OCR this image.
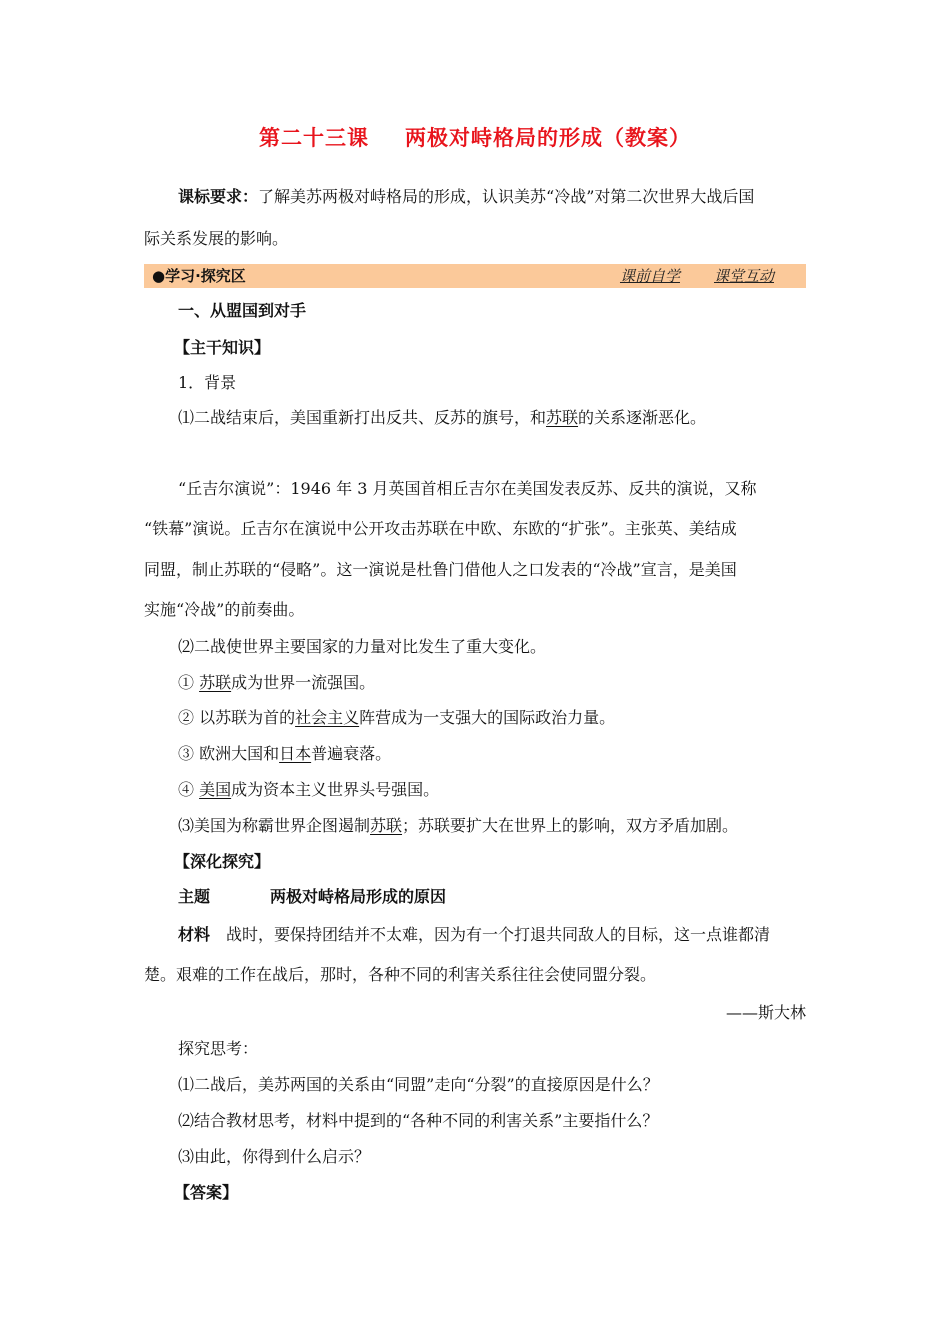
第二十三课 两极对峙格局的形成（教案）
课标要求：了解美苏两极对峙格局的形成，认识美苏“冷战”对第二次世界大战后国
际关系发展的影响。
●学习·探究区	课前自学 课堂互动
一、从盟国到对手
【主干知识】
1．背景
⑴二战结束后，美国重新打出反共、反苏的旗号，和苏联的关系逐渐恶化。
“丘吉尔演说”：1946 年 3 月英国首相丘吉尔在美国发表反苏、反共的演说，又称
“铁幕”演说。丘吉尔在演说中公开攻击苏联在中欧、东欧的“扩张”。主张英、美结成
同盟，制止苏联的“侵略”。这一演说是杜鲁门借他人之口发表的“冷战”宣言，是美国
实施“冷战”的前奏曲。
⑵二战使世界主要国家的力量对比发生了重大变化。
① 苏联成为世界一流强国。
② 以苏联为首的社会主义阵营成为一支强大的国际政治力量。
③ 欧洲大国和日本普遍衰落。
④ 美国成为资本主义世界头号强国。
⑶美国为称霸世界企图遏制苏联；苏联要扩大在世界上的影响，双方矛盾加剧。
【深化探究】
主题	两极对峙格局形成的原因
材料 战时，要保持团结并不太难，因为有一个打退共同敌人的目标，这一点谁都清
楚。艰难的工作在战后，那时，各种不同的利害关系往往会使同盟分裂。
——斯大林
探究思考：
⑴二战后，美苏两国的关系由“同盟”走向“分裂”的直接原因是什么？
⑵结合教材思考，材料中提到的“各种不同的利害关系”主要指什么？
⑶由此，你得到什么启示？
【答案】
